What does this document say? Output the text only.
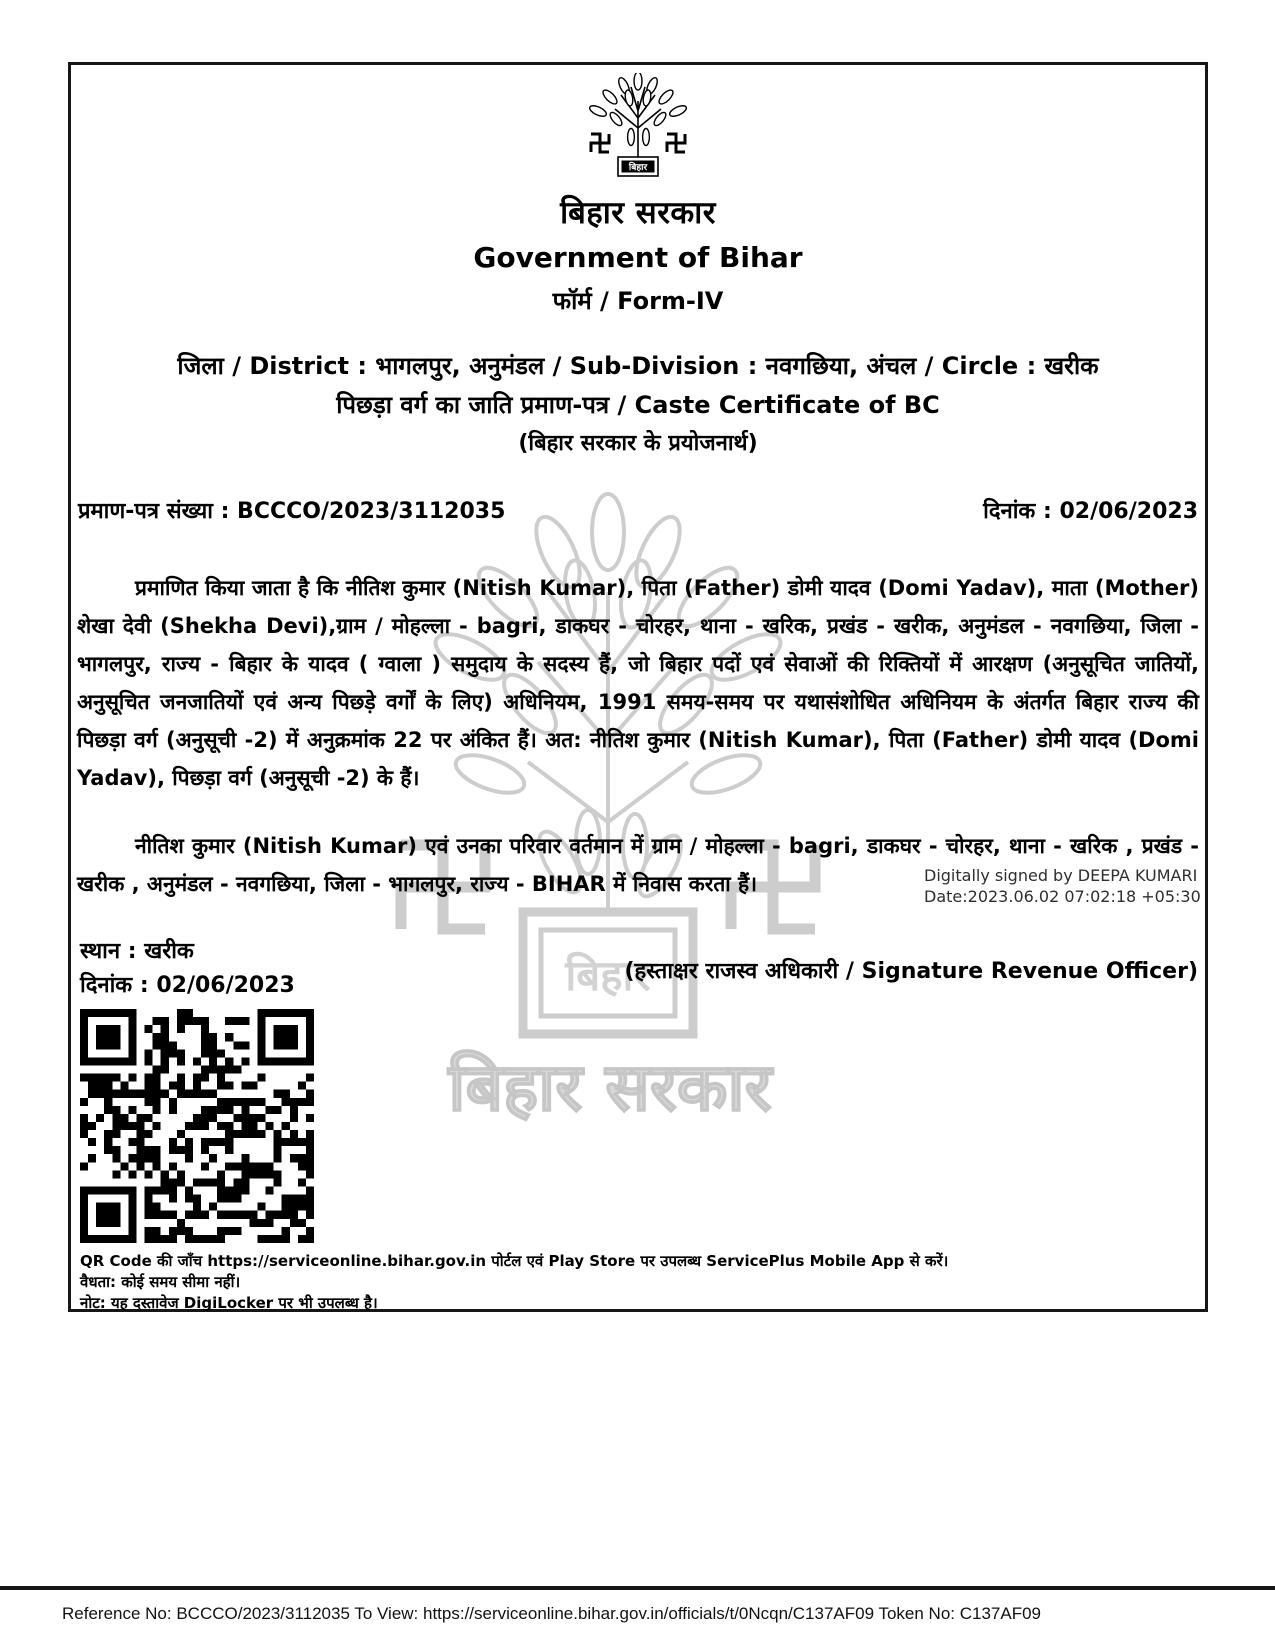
बिहार
बिहार सरकार
बिहार
बिहार सरकार
Government of Bihar
फॉर्म / Form-IV
जिला / District : भागलपुर, अनुमंडल / Sub-Division : नवगछिया, अंचल / Circle : खरीक
पिछड़ा वर्ग का जाति प्रमाण-पत्र / Caste Certificate of BC
(बिहार सरकार के प्रयोजनार्थ)
प्रमाण-पत्र संख्या : BCCCO/2023/3112035	दिनांक : 02/06/2023
प्रमाणित किया जाता है कि नीतिश कुमार (Nitish Kumar), पिता (Father) डोमी यादव (Domi Yadav), माता (Mother) शेखा देवी (Shekha Devi),ग्राम / मोहल्ला - bagri, डाकघर - चोरहर, थाना - खरिक, प्रखंड - खरीक, अनुमंडल - नवगछिया, जिला - भागलपुर, राज्य - बिहार के यादव ( ग्वाला ) समुदाय के सदस्य हैं, जो बिहार पदों एवं सेवाओं की रिक्तियों में आरक्षण (अनुसूचित जातियों, अनुसूचित जनजातियों एवं अन्य पिछड़े वर्गों के लिए) अधिनियम, 1991 समय-समय पर यथासंशोधित अधिनियम के अंतर्गत बिहार राज्य की पिछड़ा वर्ग (अनुसूची -2) में अनुक्रमांक 22 पर अंकित हैं। अत: नीतिश कुमार (Nitish Kumar), पिता (Father) डोमी यादव (Domi Yadav), पिछड़ा वर्ग (अनुसूची -2) के हैं।
नीतिश कुमार (Nitish Kumar) एवं उनका परिवार वर्तमान में ग्राम / मोहल्ला - bagri, डाकघर - चोरहर, थाना - खरिक , प्रखंड - खरीक , अनुमंडल - नवगछिया, जिला - भागलपुर, राज्य - BIHAR में निवास करता हैं।	Digitally signed by DEEPA KUMARI
Date:2023.06.02 07:02:18 +05:30
स्थान : खरीक
दिनांक : 02/06/2023
(हस्ताक्षर राजस्व अधिकारी / Signature Revenue Officer)
QR Code की जाँच https://serviceonline.bihar.gov.in पोर्टल एवं Play Store पर उपलब्ध ServicePlus Mobile App से करें।
वैधता: कोई समय सीमा नहीं।
नोट: यह दस्तावेज DigiLocker पर भी उपलब्ध है।
Reference No: BCCCO/2023/3112035 To View: https://serviceonline.bihar.gov.in/officials/t/0Ncqn/C137AF09 Token No: C137AF09
